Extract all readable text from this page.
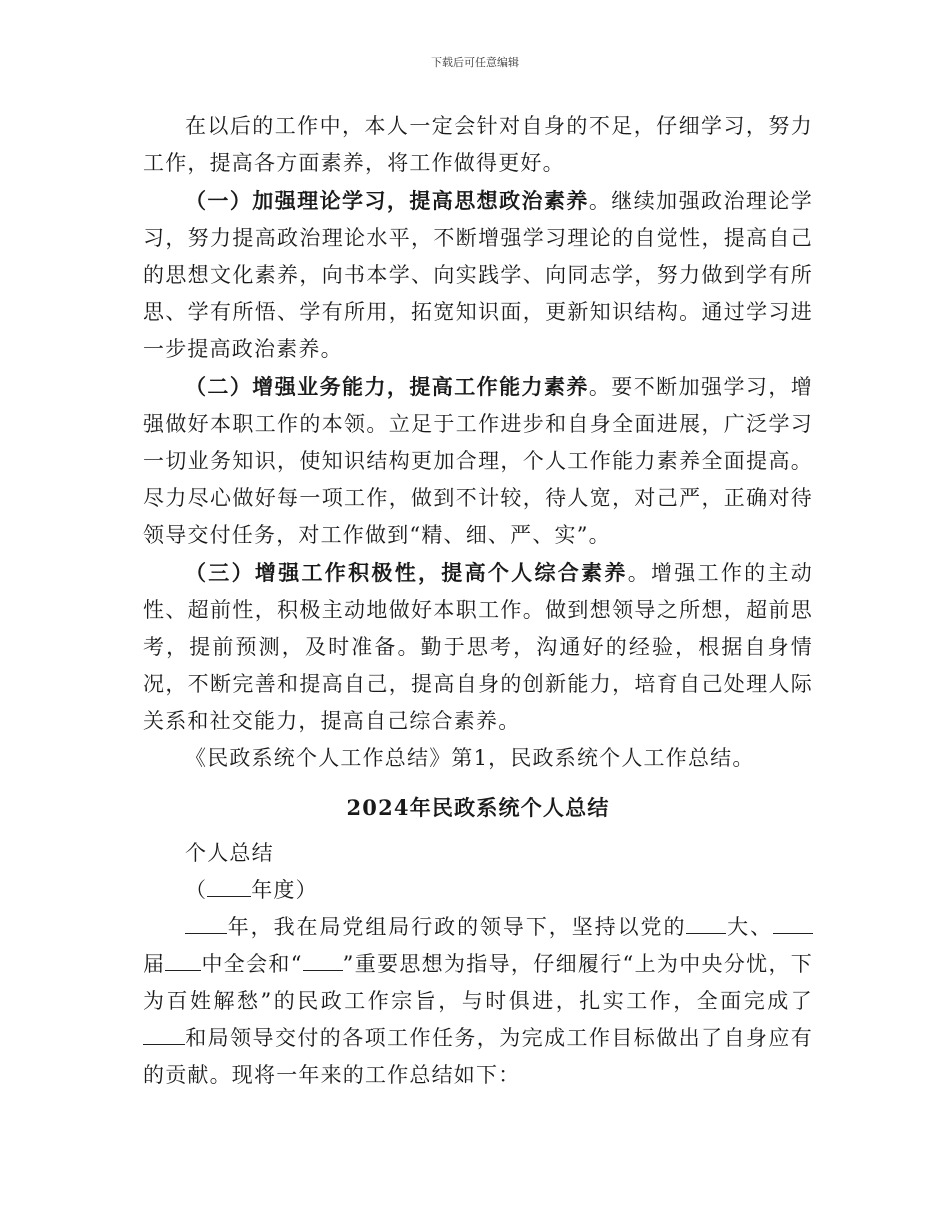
下载后可任意编辑

在以后的工作中，本人一定会针对自身的不足，仔细学习，努力工作，提高各方面素养，将工作做得更好。

（一）加强理论学习，提高思想政治素养。继续加强政治理论学习，努力提高政治理论水平，不断增强学习理论的自觉性，提高自己的思想文化素养，向书本学、向实践学、向同志学，努力做到学有所思、学有所悟、学有所用，拓宽知识面，更新知识结构。通过学习进一步提高政治素养。

（二）增强业务能力，提高工作能力素养。要不断加强学习，增强做好本职工作的本领。立足于工作进步和自身全面进展，广泛学习一切业务知识，使知识结构更加合理，个人工作能力素养全面提高。尽力尽心做好每一项工作，做到不计较，待人宽，对己严，正确对待领导交付任务，对工作做到“精、细、严、实”。

（三）增强工作积极性，提高个人综合素养。增强工作的主动性、超前性，积极主动地做好本职工作。做到想领导之所想，超前思考，提前预测，及时准备。勤于思考，沟通好的经验，根据自身情况，不断完善和提高自己，提高自身的创新能力，培育自己处理人际关系和社交能力，提高自己综合素养。

《民政系统个人工作总结》第1，民政系统个人工作总结。

2024年民政系统个人总结

个人总结

（ 年度）

年，我在局党组局行政的领导下，坚持以党的 大、届 中全会和“ ”重要思想为指导，仔细履行“上为中央分忧，下为百姓解愁”的民政工作宗旨，与时俱进，扎实工作，全面完成了和局领导交付的各项工作任务，为完成工作目标做出了自身应有的贡献。现将一年来的工作总结如下：
